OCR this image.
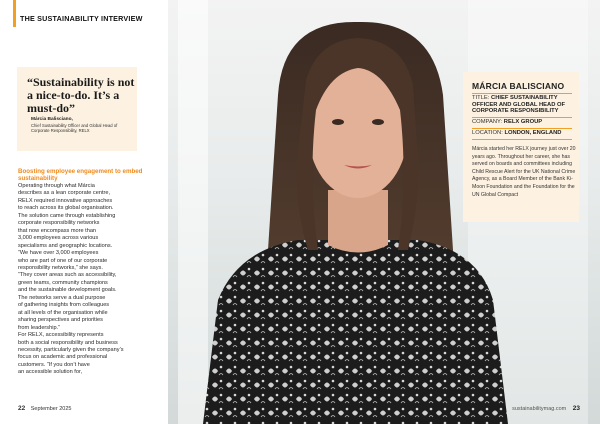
THE SUSTAINABILITY INTERVIEW
“Sustainability is not a nice-to-do. It’s a must-do”
Márcia Balisciano,
Chief Sustainability Officer and Global Head of Corporate Responsibility, RELX
Boosting employee engagement to embed sustainability
Operating through what Márcia
describes as a lean corporate centre,
RELX required innovative approaches
to reach across its global organisation.
The solution came through establishing
corporate responsibility networks
that now encompass more than
3,000 employees across various
specialisms and geographic locations.
“We have over 3,000 employees
who are part of one of our corporate
responsibility networks,” she says.
“They cover areas such as accessibility,
green teams, community champions
and the sustainable development goals.
The networks serve a dual purpose
of gathering insights from colleagues
at all levels of the organisation while
sharing perspectives and priorities
from leadership.”
For RELX, accessibility represents
both a social responsibility and business
necessity, particularly given the company’s
focus on academic and professional
customers. “If you don’t have
an accessible solution for,
22 September 2025
MÁRCIA BALISCIANO
TITLE: CHIEF SUSTAINABILITY OFFICER AND GLOBAL HEAD OF CORPORATE RESPONSIBILITY
COMPANY: RELX GROUP
LOCATION: LONDON, ENGLAND
Márcia started her RELX journey just over 20 years ago. Throughout her career, she has served on boards and committees including Child Rescue Alert for the UK National Crime Agency, as a Board Member of the Bank Ki-Moon Foundation and the Foundation for the UN Global Compact
sustainabilitymag.com 23
